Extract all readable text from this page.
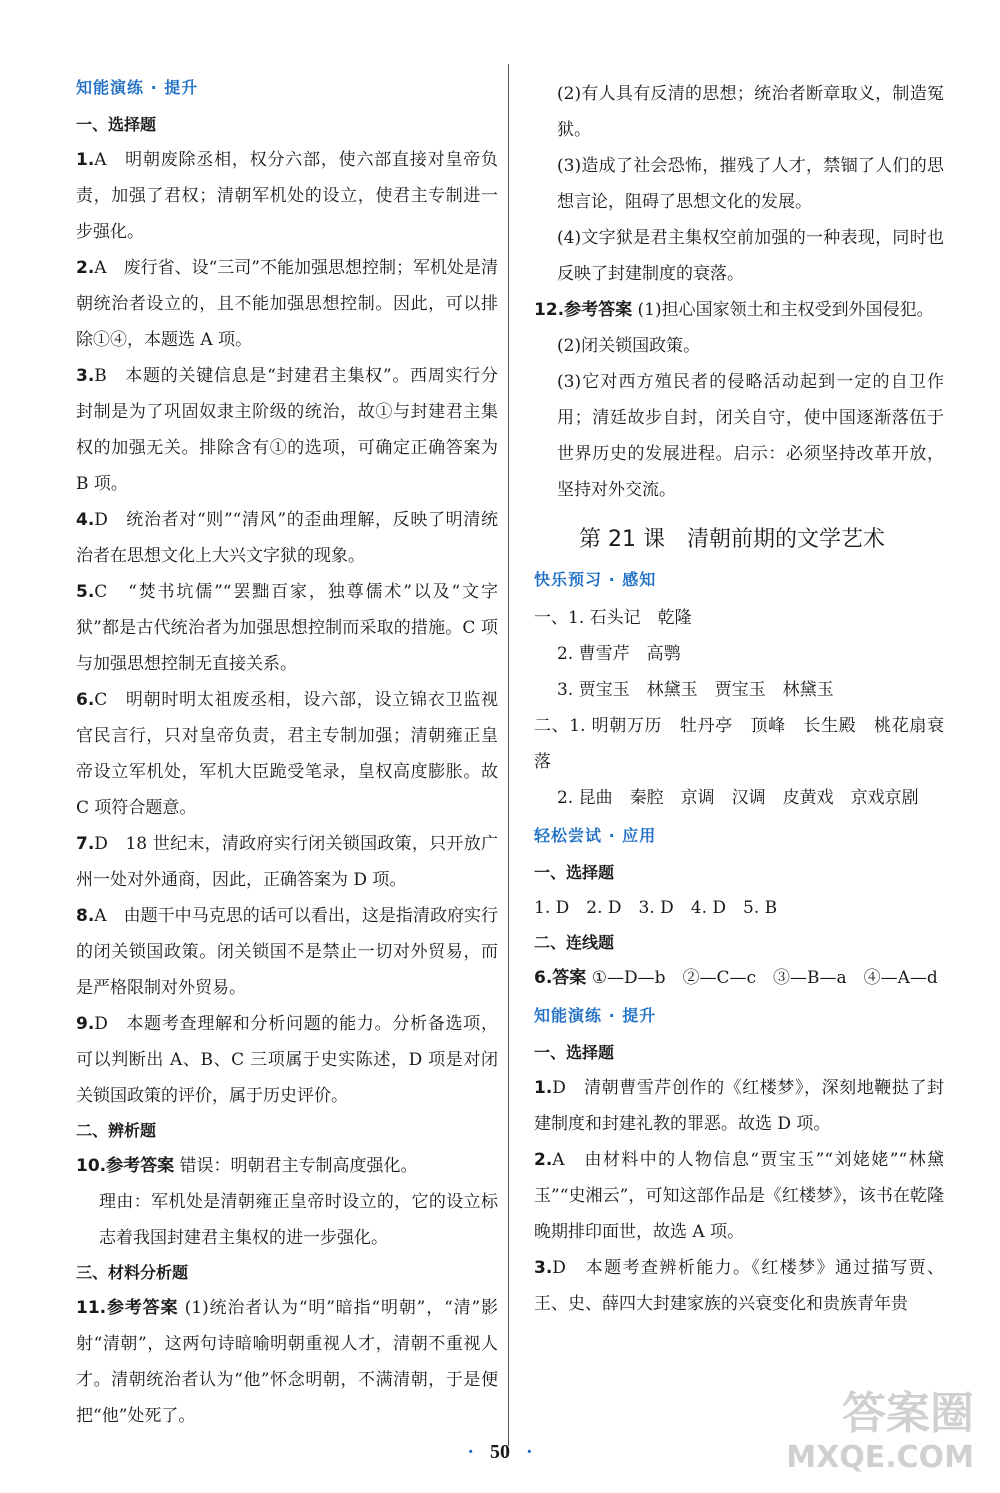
知能演练 · 提升
一、选择题

1.A　 明朝废除丞相，权分六部，使六部直接对皇帝负责，加强了君权；清朝军机处的设立，使君主专制进一步强化。

2.A　 废行省、设“三司”不能加强思想控制；军机处是清朝统治者设立的，且不能加强思想控制。因此，可以排除①④，本题选 A 项。

3.B　 本题的关键信息是“封建君主集权”。西周实行分封制是为了巩固奴隶主阶级的统治，故①与封建君主集权的加强无关。排除含有①的选项，可确定正确答案为 B 项。

4.D　 统治者对“则”“清风”的歪曲理解，反映了明清统治者在思想文化上大兴文字狱的现象。

5.C　 “焚书坑儒”“罢黜百家，独尊儒术”以及“文字狱”都是古代统治者为加强思想控制而采取的措施。C 项与加强思想控制无直接关系。

6.C　 明朝时明太祖废丞相，设六部，设立锦衣卫监视官民言行，只对皇帝负责，君主专制加强；清朝雍正皇帝设立军机处，军机大臣跪受笔录，皇权高度膨胀。故 C 项符合题意。

7.D　 18 世纪末，清政府实行闭关锁国政策，只开放广州一处对外通商，因此，正确答案为 D 项。

8.A　 由题干中马克思的话可以看出，这是指清政府实行的闭关锁国政策。闭关锁国不是禁止一切对外贸易，而是严格限制对外贸易。

9.D　 本题考查理解和分析问题的能力。分析备选项，可以判断出 A、B、C 三项属于史实陈述，D 项是对闭关锁国政策的评价，属于历史评价。

二、辨析题

10.参考答案 错误：明朝君主专制高度强化。

理由：军机处是清朝雍正皇帝时设立的，它的设立标志着我国封建君主集权的进一步强化。

三、材料分析题

11.参考答案 (1)统治者认为“明”暗指“明朝”，“清”影射“清朝”，这两句诗暗喻明朝重视人才，清朝不重视人才。清朝统治者认为“他”怀念明朝，不满清朝，于是便把“他”处死了。

(2)有人具有反清的思想；统治者断章取义，制造冤狱。

(3)造成了社会恐怖，摧残了人才，禁锢了人们的思想言论，阻碍了思想文化的发展。

(4)文字狱是君主集权空前加强的一种表现，同时也反映了封建制度的衰落。

12.参考答案 (1)担心国家领土和主权受到外国侵犯。

(2)闭关锁国政策。

(3)它对西方殖民者的侵略活动起到一定的自卫作用；清廷故步自封，闭关自守，使中国逐渐落伍于世界历史的发展进程。启示：必须坚持改革开放，坚持对外交流。

第 21 课　清朝前期的文学艺术
快乐预习 · 感知

一、1. 石头记　乾隆

2. 曹雪芹　高鹗

3. 贾宝玉　林黛玉　贾宝玉　林黛玉

二、1. 明朝万历　牡丹亭　顶峰　长生殿　桃花扇衰落

2. 昆曲　秦腔　京调　汉调　皮黄戏　京戏京剧

轻松尝试 · 应用
一、选择题

1. D　2. D　3. D　4. D　5. B

二、连线题

6.答案 ①—D—b　②—C—c　③—B—a　④—A—d

知能演练 · 提升
一、选择题

1.D　 清朝曹雪芹创作的《红楼梦》，深刻地鞭挞了封建制度和封建礼教的罪恶。故选 D 项。

2.A　 由材料中的人物信息“贾宝玉”“刘姥姥”“林黛玉”“史湘云”，可知这部作品是《红楼梦》，该书在乾隆晚期排印面世，故选 A 项。

3.D　 本题考查辨析能力。《红楼梦》通过描写贾、王、史、薛四大封建家族的兴衰变化和贵族青年贵

· 50 ·
答案圈
MXQE.COM
